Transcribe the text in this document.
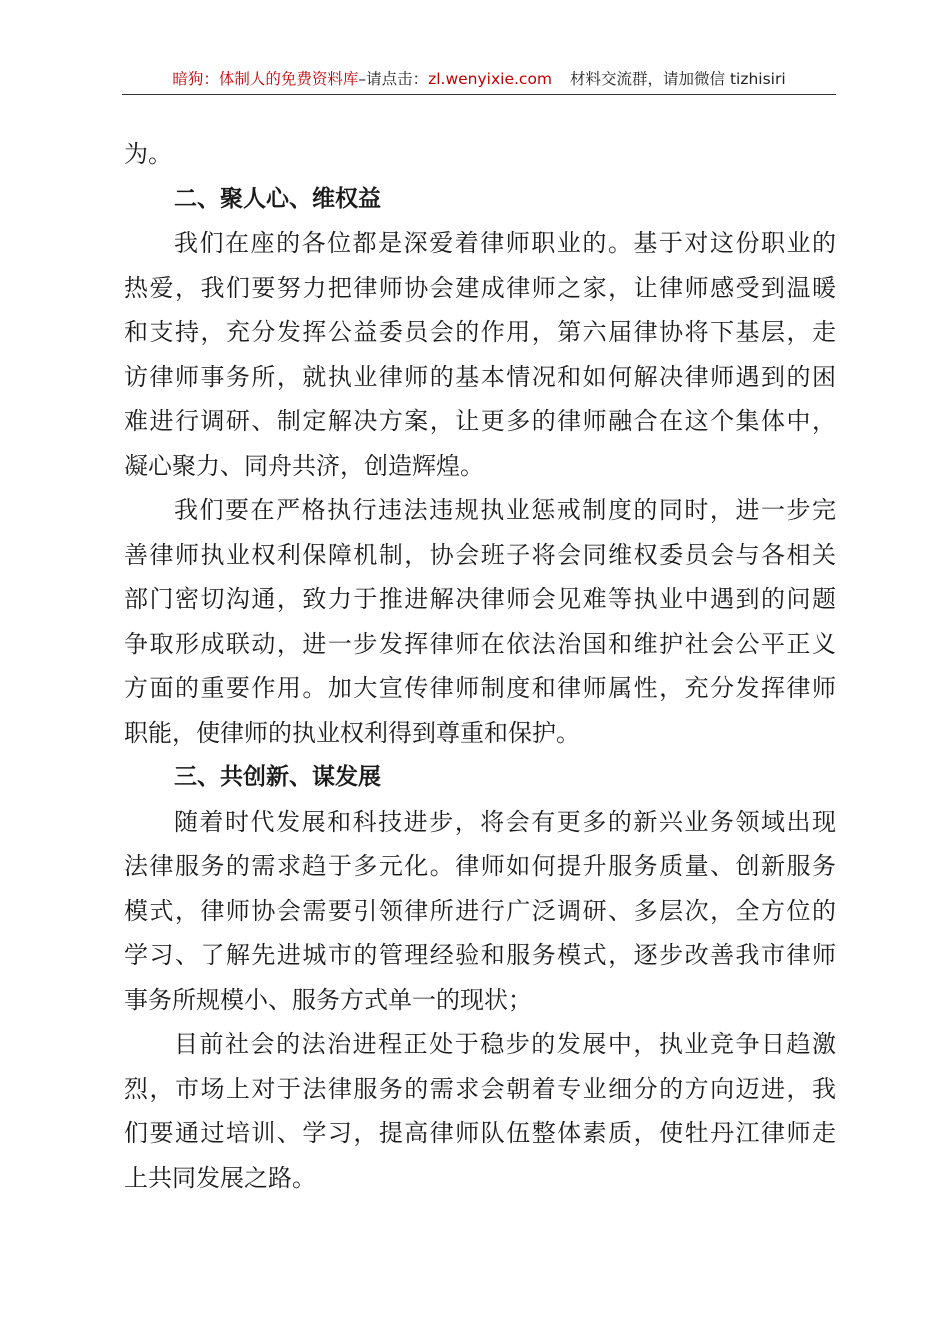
暗狗：体制人的免费资料库–请点击：zl.wenyixie.com 材料交流群，请加微信 tizhisiri
为。
二、聚人心、维权益
我们在座的各位都是深爱着律师职业的。基于对这份职业的
热爱，我们要努力把律师协会建成律师之家，让律师感受到温暖
和支持，充分发挥公益委员会的作用，第六届律协将下基层，走
访律师事务所，就执业律师的基本情况和如何解决律师遇到的困
难进行调研、制定解决方案，让更多的律师融合在这个集体中，
凝心聚力、同舟共济，创造辉煌。
我们要在严格执行违法违规执业惩戒制度的同时，进一步完
善律师执业权利保障机制，协会班子将会同维权委员会与各相关
部门密切沟通，致力于推进解决律师会见难等执业中遇到的问题
争取形成联动，进一步发挥律师在依法治国和维护社会公平正义
方面的重要作用。加大宣传律师制度和律师属性，充分发挥律师
职能，使律师的执业权利得到尊重和保护。
三、共创新、谋发展
随着时代发展和科技进步，将会有更多的新兴业务领域出现
法律服务的需求趋于多元化。律师如何提升服务质量、创新服务
模式，律师协会需要引领律所进行广泛调研、多层次，全方位的
学习、了解先进城市的管理经验和服务模式，逐步改善我市律师
事务所规模小、服务方式单一的现状；
目前社会的法治进程正处于稳步的发展中，执业竞争日趋激
烈，市场上对于法律服务的需求会朝着专业细分的方向迈进，我
们要通过培训、学习，提高律师队伍整体素质，使牡丹江律师走
上共同发展之路。
